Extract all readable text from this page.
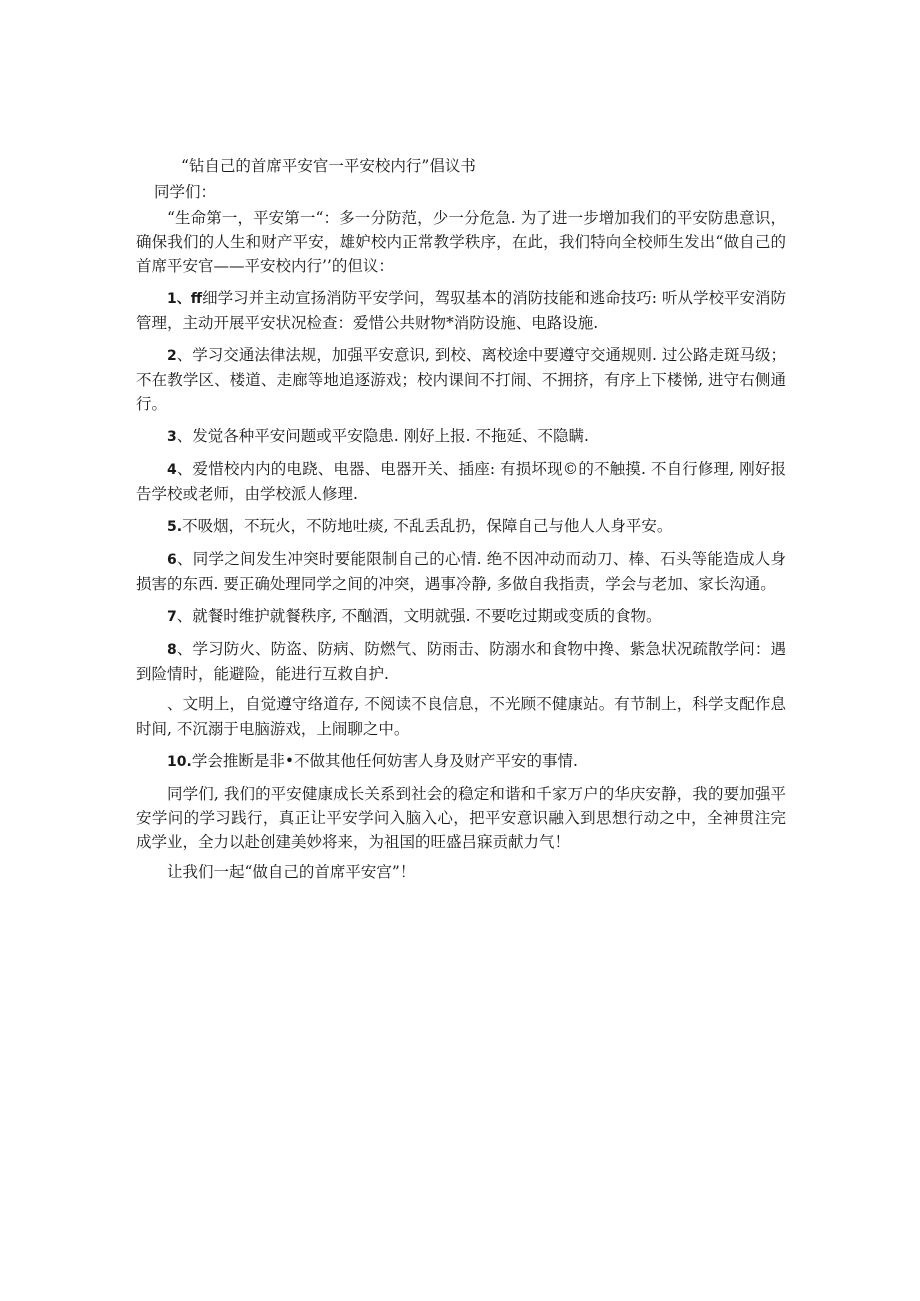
“钻自己的首席平安官一平安校内行”倡议书

同学们：

“生命第一，平安第一“：多一分防范，少一分危急. 为了进一步增加我们的平安防患意识，确保我们的人生和财产平安，雄妒校内正常教学秩序，在此，我们特向全校师生发出“做自己的首席平安官——平安校内行’’的但议：

1、ff细学习并主动宣扬消防平安学问，驾驭基本的消防技能和逃命技巧: 听从学校平安消防管理，主动开展平安状况检查：爱惜公共财物*消防设施、电路设施.

2、学习交通法律法规，加强平安意识, 到校、离校途中要遵守交通规则. 过公路走斑马级；不在教学区、楼道、走廊等地追逐游戏；校内课间不打闹、不拥挤，有序上下楼悌, 进守右侧通行。

3、发觉各种平安问题或平安隐患. 刚好上报. 不拖延、不隐瞒.

4、爱惜校内内的电跷、电器、电器开关、插座: 有损坏现©的不触摸. 不自行修理, 刚好报告学校或老师，由学校派人修理.

5.不吸烟，不玩火，不防地吐痰, 不乱丢乱扔，保障自己与他人人身平安。

6、同学之间发生冲突时要能限制自己的心情. 绝不因冲动而动刀、棒、石头等能造成人身损害的东西. 要正确处理同学之间的冲突，遇事冷静, 多做自我指责，学会与老加、家长沟通。

7、就餐时维护就餐秩序, 不酗酒，文明就强. 不要吃过期或变质的食物。

8、学习防火、防盗、防病、防燃气、防雨击、防溺水和食物中搀、紫急状况疏散学问：遇到险情时，能避险，能进行互救自护.

、文明上，自觉遵守络道存, 不阅读不良信息，不光顾不健康站。有节制上，科学支配作息时间, 不沉溺于电脑游戏，上闹聊之中。

10.学会推断是非•不做其他任何妨害人身及财产平安的事情.

同学们, 我们的平安健康成长关系到社会的稳定和谐和千家万户的华庆安静，我的要加强平安学问的学习践行，真正让平安学问入脑入心，把平安意识融入到思想行动之中，全神贯注完成学业，全力以赴创建美妙将来，为祖国的旺盛吕寐贡献力气！

让我们一起“做自己的首席平安宫”！
